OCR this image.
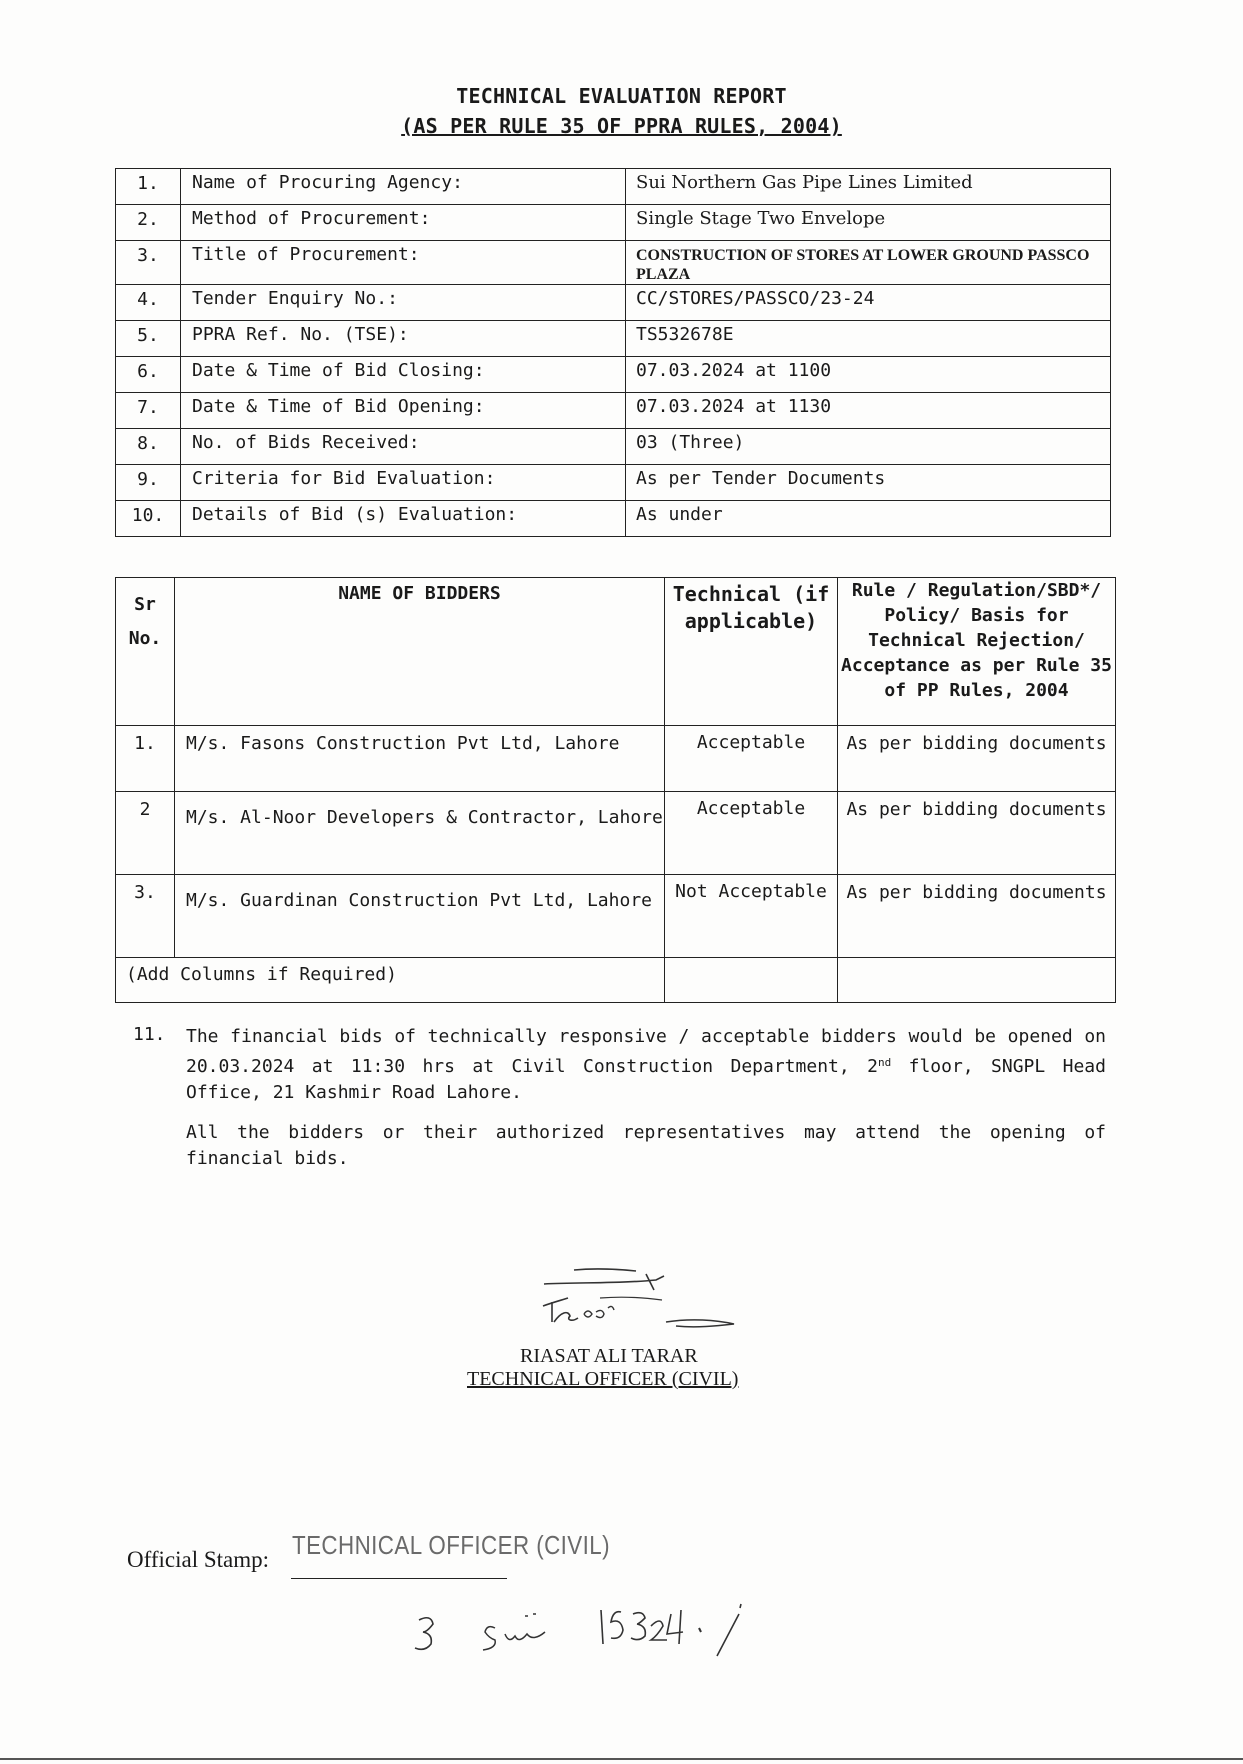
TECHNICAL EVALUATION REPORT
(AS PER RULE 35 OF PPRA RULES, 2004)
1.	Name of Procuring Agency:	Sui Northern Gas Pipe Lines Limited
2.	Method of Procurement:	Single Stage Two Envelope
3.	Title of Procurement:	CONSTRUCTION OF STORES AT LOWER GROUND PASSCO PLAZA
4.	Tender Enquiry No.:	CC/STORES/PASSCO/23-24
5.	PPRA Ref. No. (TSE):	TS532678E
6.	Date & Time of Bid Closing:	07.03.2024 at 1100
7.	Date & Time of Bid Opening:	07.03.2024 at 1130
8.	No. of Bids Received:	03 (Three)
9.	Criteria for Bid Evaluation:	As per Tender Documents
10.	Details of Bid (s) Evaluation:	As under
Sr
No.	NAME OF BIDDERS	Technical (if applicable)	Rule / Regulation/SBD*/ Policy/ Basis for Technical Rejection/ Acceptance as per Rule 35 of PP Rules, 2004
1.	M/s. Fasons Construction Pvt Ltd, Lahore	Acceptable	As per bidding documents
2	M/s. Al-Noor Developers & Contractor, Lahore	Acceptable	As per bidding documents
3.	M/s. Guardinan Construction Pvt Ltd, Lahore	Not Acceptable	As per bidding documents
(Add Columns if Required)			
11. The financial bids of technically responsive / acceptable bidders would be opened on 20.03.2024 at 11:30 hrs at Civil Construction Department, 2nd floor, SNGPL Head Office, 21 Kashmir Road Lahore.
All the bidders or their authorized representatives may attend the opening of financial bids.
RIASAT ALI TARAR
TECHNICAL OFFICER (CIVIL)
Official Stamp: TECHNICAL OFFICER (CIVIL)
